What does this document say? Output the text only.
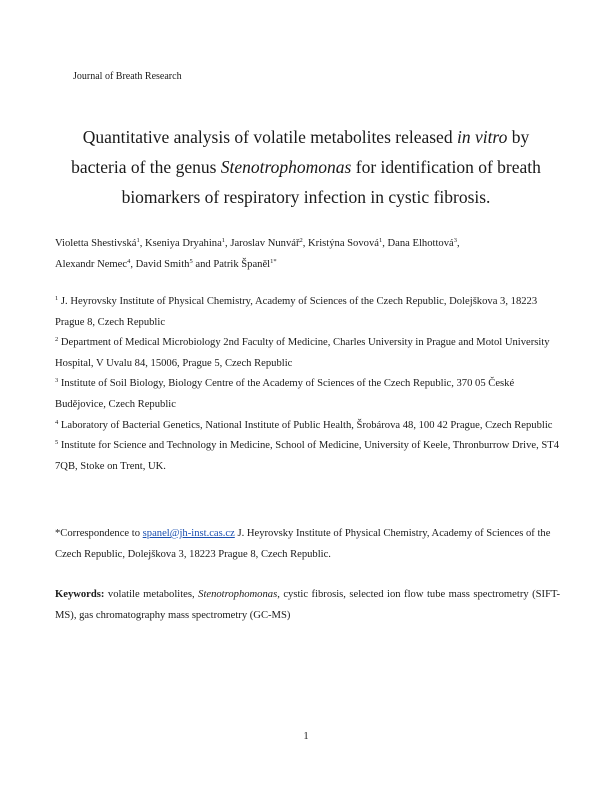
Journal of Breath Research
Quantitative analysis of volatile metabolites released in vitro by
bacteria of the genus Stenotrophomonas for identification of breath
biomarkers of respiratory infection in cystic fibrosis.
Violetta Shestivská$^1$, Kseniya Dryahina$^1$, Jaroslav Nunvář$^2$, Kristýna Sovová$^1$, Dana Elhottová$^3$,
Alexandr Nemec$^4$, David Smith$^5$ and Patrik Španěl$^{1*}$

$^1$ J. Heyrovsky Institute of Physical Chemistry, Academy of Sciences of the Czech Republic, Dolejškova 3, 18223 Prague 8, Czech Republic

$^2$ Department of Medical Microbiology 2nd Faculty of Medicine, Charles University in Prague and Motol University Hospital, V Uvalu 84, 15006, Prague 5, Czech Republic

$^3$ Institute of Soil Biology, Biology Centre of the Academy of Sciences of the Czech Republic, 370 05 České Budějovice, Czech Republic

$^4$ Laboratory of Bacterial Genetics, National Institute of Public Health, Šrobárova 48, 100 42 Prague, Czech Republic

$^5$ Institute for Science and Technology in Medicine, School of Medicine, University of Keele, Thronburrow Drive, ST4 7QB, Stoke on Trent, UK.

*Correspondence to spanel@jh-inst.cas.cz J. Heyrovsky Institute of Physical Chemistry, Academy of Sciences of the Czech Republic, Dolejškova 3, 18223 Prague 8, Czech Republic.
Keywords: volatile metabolites, Stenotrophomonas, cystic fibrosis, selected ion flow tube mass spectrometry (SIFT-MS), gas chromatography mass spectrometry (GC-MS)
1
